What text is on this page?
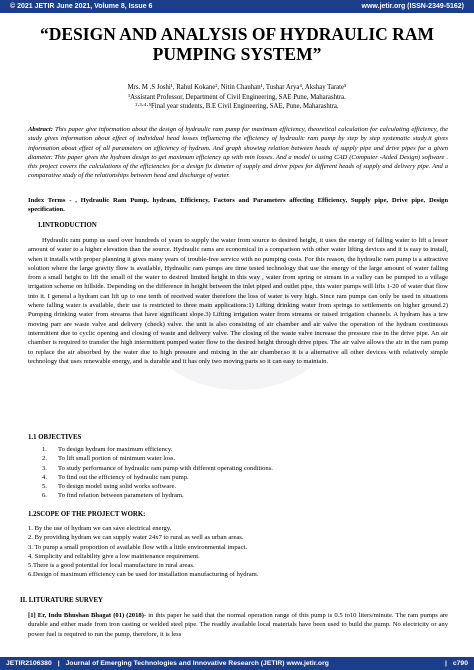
© 2021 JETIR June 2021, Volume 8, Issue 6	www.jetir.org (ISSN-2349-5162)
“DESIGN AND ANALYSIS OF HYDRAULIC RAM PUMPING SYSTEM”
Mrs. M .S Joshi¹, Rahul Kokane², Nitin Chauhan¹, Tushar Arya⁴, Akshay Tarate⁵
¹Assistant Professor, Department of Civil Engineering, SAE Pune, Maharashtra.
²·³·⁴·⁵Final year students, B.E Civil Engineering, SAE, Pune, Maharashtra.
Abstract: This paper give information about the design of hydraulic ram pump for maximum efficiency, theoretical calculation for calculating efficiency, the study gives information about effect of individual head losses influencing the efficiency of hydraulic ram pump by step by step systematic study.it gives information about effect of all parameters on efficiency of hydram. And graph showing relation between heads of supply pipe and drive pipes for a given diameter. This paper gives the hydram design to get maximum efficiency up with min losses. And a model is using CAD (Computer -Aided Design) software . this project covers the calculations of the efficiencies for a design fix dimeter of supply and drive pipes for different heads of supply and delivery pipe. And a comparative study of the relationships between head and discharge of water.
Index Terms - , Hydraulic Ram Pump, hydram, Efficiency, Factors and Parameters affecting Efficiency, Supply pipe, Drive pipe, Design specification.
I.INTRODUCTION
Hydraulic ram pump us used over hundreds of years to supply the water from source to desired height, it uses the energy of falling water to lift a lesser amount of water to a higher elevation than the source. Hydraulic rams are economical in a comparison with other water lifting devices and it is easy to install, when it installs with proper planning it gives many years of trouble-free service with no pumping costs. For this reason, the hydraulic ram pump is a attractive solution where the large gravity flow is available, Hydraulic ram pumps are time tested technology that use the energy of the large amount of water falling from a small height to lift the small of the water to desired limited height in this way , water from spring or stream in a valley can be pumped to a village irrigation scheme on hillside. Depending on the difference in height between the inlet piped and outlet pipe, this water pumps will lifts 1-20 of water that flow into it. I general a hydram can lift up to one tenth of received water therefore the loss of water is very high. Since ram pumps can only be used in situations where falling water is available, their use is restricted to three main applications:1) Lifting drinking water from springs to settlements on higher ground.2) Pumping drinking water from streams that have significant slope.3) Lifting irrigation water from streams or raised irrigation channels. A hydram has a tew moving parr are waste valve and delivery (check) valve. the unit is also consisting of air chamber and air valve the operation of the hydram continuous intermittent due to cyclic opening and closing of waste and delivery valve. The closing of the waste valve increase the pressure rise in the drive pipe. An air chamber is required to transfer the high intermittent pumped water flow to the desired height through drive pipes. The air valve allows the air in the ram pump to replace the air absorbed by the water due to high pressure and mixing in the air chamber.so it is a alternative all other devices with relatively simple technology that uses renewable energy, and is durable and it has only two moving parts so it can easy to maintain.
1.1 OBJECTIVES
1.	To design hydram for maximum efficiency.
2.	To lift small portion of minimum water loss.
3.	To study performance of hydraulic ram pump with different operating conditions.
4.	To find out the efficiency of hydraulic ram pump.
5.	To design model using solid works software.
6.	To find relation between parameters of hydram.
1.2SCOPE OF THE PROJECT WORK:
1. By the use of hydram we can save electrical energy.
2. By providing hydram we can supply water 24x7 to rural as well as urban areas.
3. To pump a small proportion of available flow with a little environmental impact.
4. Simplicity and reliability give a low maintenance requirement.
5.There is a good potential for local manufacture in rural areas.
6.Design of maximum efficiency can be used for installation manufacturing of hydram.
II. LITURATURE SURVEY
[1] Er, Indu Bhushan Bhagat (01) (2018)- in this paper he said that the normal operation range of this pump is 0.5 to10 liters/minute. The ram pumps are durable and either made from iron casting or welded steel pipe. The readily available local materials have been used to build the pump. No electricity or any power fuel is required to run the pump, therefore, it is less
JETIR2106380 | Journal of Emerging Technologies and Innovative Research (JETIR) www.jetir.org	| c790
